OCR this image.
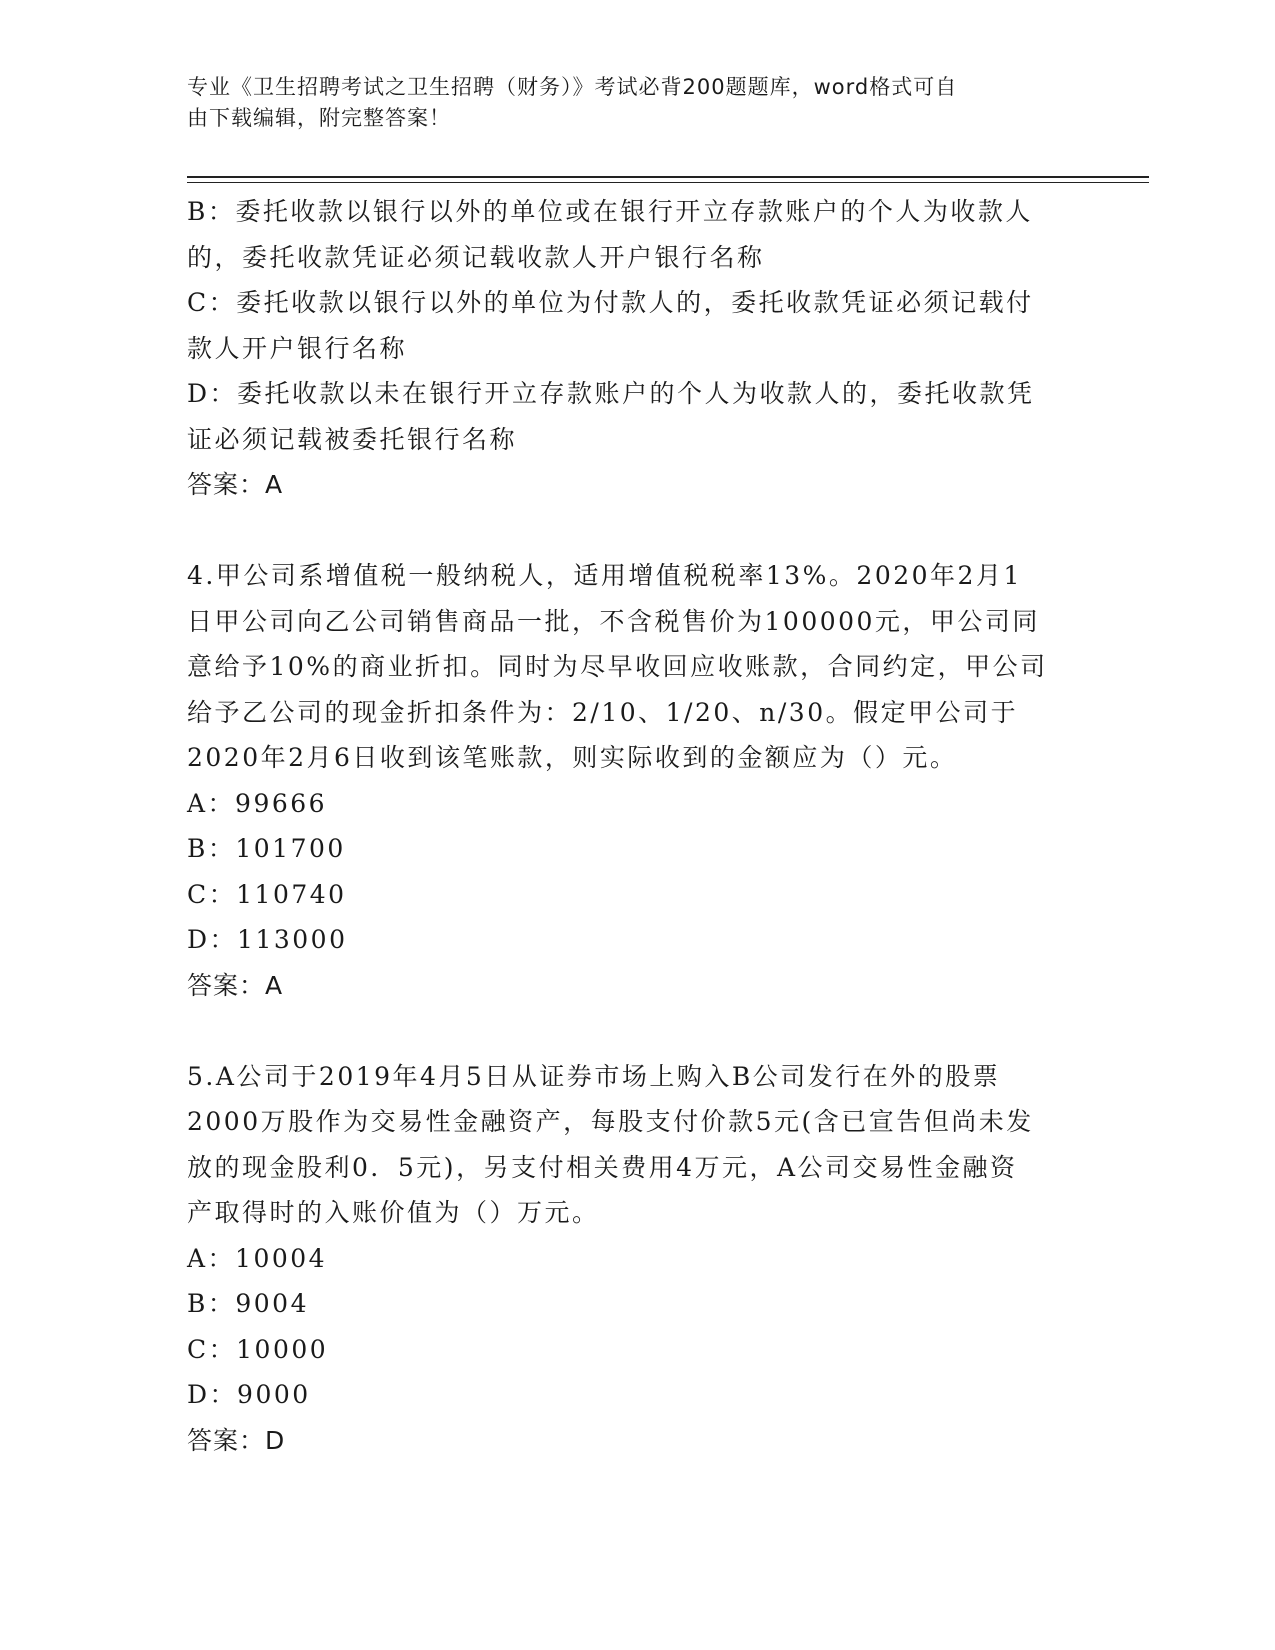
专业《卫生招聘考试之卫生招聘（财务）》考试必背200题题库，word格式可自
由下载编辑，附完整答案！
B：委托收款以银行以外的单位或在银行开立存款账户的个人为收款人
的，委托收款凭证必须记载收款人开户银行名称
C：委托收款以银行以外的单位为付款人的，委托收款凭证必须记载付
款人开户银行名称
D：委托收款以未在银行开立存款账户的个人为收款人的，委托收款凭
证必须记载被委托银行名称
答案：A
4.甲公司系增值税一般纳税人，适用增值税税率13%。2020年2月1
日甲公司向乙公司销售商品一批，不含税售价为100000元，甲公司同
意给予10%的商业折扣。同时为尽早收回应收账款，合同约定，甲公司
给予乙公司的现金折扣条件为：2/10、1/20、n/30。假定甲公司于
2020年2月6日收到该笔账款，则实际收到的金额应为（）元。
A：99666
B：101700
C：110740
D：113000
答案：A
5.A公司于2019年4月5日从证券市场上购入B公司发行在外的股票
2000万股作为交易性金融资产，每股支付价款5元(含已宣告但尚未发
放的现金股利0．5元)，另支付相关费用4万元，A公司交易性金融资
产取得时的入账价值为（）万元。
A：10004
B：9004
C：10000
D：9000
答案：D
